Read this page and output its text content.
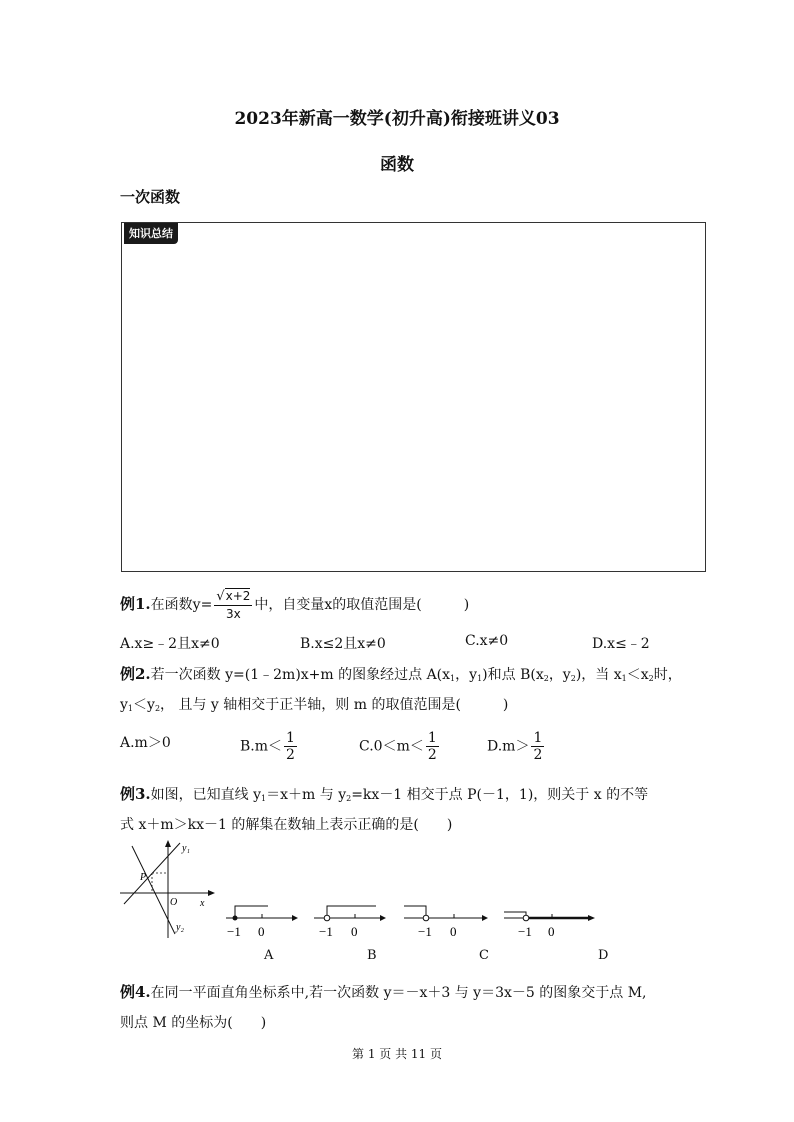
2023年新高一数学(初升高)衔接班讲义03
函数
一次函数
知识总结
例1.在函数$y= \frac{√x+2}{3x}$ 中，自变量x的取值范围是(　　　)
A.x≥﹣2且x≠0	B.x≤2且x≠0	C.x≠0	D.x≤﹣2
例2.若一次函数 y=(1﹣2m)x+m 的图象经过点 $A(x_1$，$y_1$)和点 $B(x_2$，$y_2$)，当 $x_1<x_2$时，
$y_1<y_2$， 且与 y 轴相交于正半轴，则 m 的取值范围是(　　　)
A.m＞0	$B.m< \frac{1}{2}$	$C.0<m< \frac{1}{2}$	$D.m> \frac{1}{2}$
例3.如图，已知直线 $y_1=x+m$ 与 $y_2=kx-1$ 相交于点 P(－1，1)，则关于 x 的不等
式 x＋m＞kx－1 的解集在数轴上表示正确的是(　　)
y₁
P
O x
y₂	−1 0	−1 0	−1 0	−1 0
A	B	C	D
例4.在同一平面直角坐标系中,若一次函数 y＝－x＋3 与 y＝3x－5 的图象交于点 M,
则点 M 的坐标为(　　)
第 1 页 共 11 页
